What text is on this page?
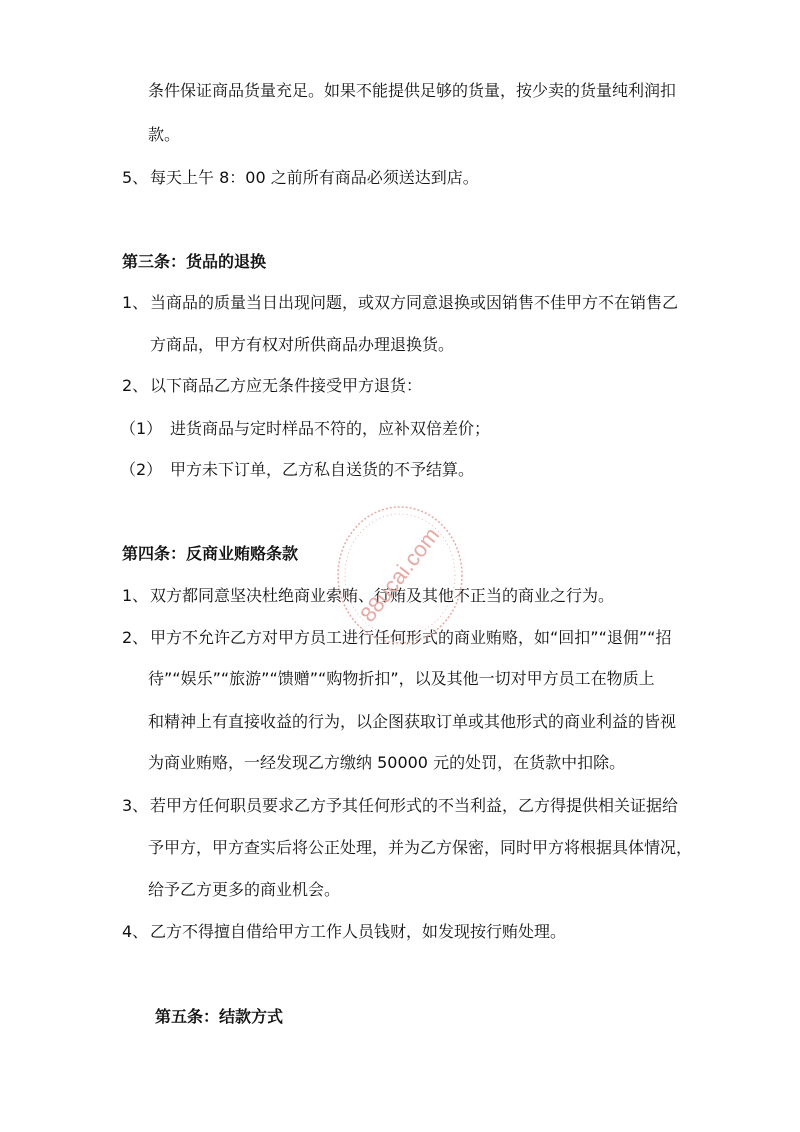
条件保证商品货量充足。如果不能提供足够的货量，按少卖的货量纯利润扣
款。
5、 每天上午 8：00 之前所有商品必须送达到店。
第三条：货品的退换
1、 当商品的质量当日出现问题，或双方同意退换或因销售不佳甲方不在销售乙
方商品，甲方有权对所供商品办理退换货。
2、 以下商品乙方应无条件接受甲方退货：
（1） 进货商品与定时样品不符的，应补双倍差价；
（2） 甲方未下订单，乙方私自送货的不予结算。
第四条：反商业贿赂条款
1、 双方都同意坚决杜绝商业索贿、行贿及其他不正当的商业之行为。
2、 甲方不允许乙方对甲方员工进行任何形式的商业贿赂，如“回扣”“退佣”“招
待”“娱乐”“旅游”“馈赠”“购物折扣”，以及其他一切对甲方员工在物质上
和精神上有直接收益的行为，以企图获取订单或其他形式的商业利益的皆视
为商业贿赂，一经发现乙方缴纳 50000 元的处罚，在货款中扣除。
3、 若甲方任何职员要求乙方予其任何形式的不当利益，乙方得提供相关证据给
予甲方，甲方查实后将公正处理，并为乙方保密，同时甲方将根据具体情况，
给予乙方更多的商业机会。
4、 乙方不得擅自借给甲方工作人员钱财，如发现按行贿处理。
第五条：结款方式
88ucai.com
